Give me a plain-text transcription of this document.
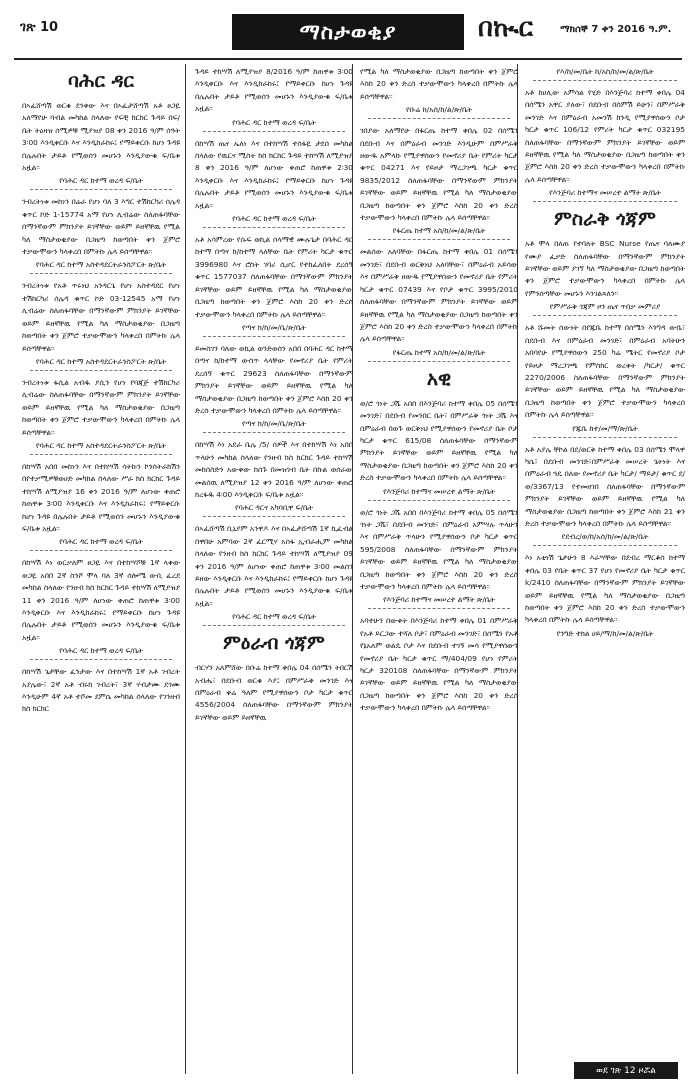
ገጽ 10	ማስታወቂያ	በኲር	ማክሰኞ 7 ቀን 2016 ዓ.ም.
ባሕር ዳር
በኣፈሸጣሽ ወርቁ ደንቀው እና በኣፈታሸጣሽ አቶ ፀጋዬ አለማየሁ ባብል መካከል ስላለው የፍቺ ክርክር ጉዳይ በፍ/ቤት ትዕዛዝ ሰሚዎቹ ሚያዝያ 08 ቀን 2016 ዓ/ም ሰዓት 3፡00 እንዲቀርቡ እና እንዲከራከሩ፤ የማይቀርቡ ከሆነ ጉዳዩ በሌሉበት ታይቶ የሚወሰን መሆኑን እንዲያውቁ ፍ/ቤቱ አዟል፡፡
የባሕር ዳር ከተማ ወረዳ ፍ/ቤት
ንብረትነቱ መከነን በሬራ የሆነ ባለ 3 እግር ተሽከርካሪ ሰሌዳ ቁጥር ኮድ 1-15774 አማ የሆነ ሊብሬው ስለጠፋባቸው በማንኛውም ምክንያት ይገኛቸው ወይም ይዘኛቸዉ የሚል ካለ ማስታወቂያው በጋዜጣ ከወጣበት ቀን ጀምሮ ተቃውሞውን ካላቀረበ በምትኩ ሌላ ይሰጣቸዋል፡፡
የባሕር ዳር ከተማ አስተዳደርትራንስፖርት ጽ/ቤት
ንብረትነቱ የአቶ ጥሩነህ አንዳርጌ የሆነ አስተዳደር የሆነ ተሽከርካሪ ሰሌዳ ቁጥር ኮድ 03-12545 አማ የሆነ ሊብሬው ስለጠፋባቸው በማንኛውም ምክንያት ይገኛቸው ወይም ይዘኛቸዉ የሚል ካለ ማስታወቂያው በጋዜጣ ከወጣበት ቀን ጀምሮ ተቃውሞውን ካላቀረበ በምትኩ ሌላ ይሰጣቸዋል፡፡
የባሕር ዳር ከተማ አስተዳደርትራንስፖርት ጽ/ቤት
ንብረትነቱ ፋሲል አብዱ ያሲን የሆነ የባጃጅ ተሽከርካሪ ሊብሬው ስለጠፋባቸው በማንኛውም ምክንያት ይገኛቸው ወይም ይዘኛቸዉ የሚል ካለ ማስታወቂያው በጋዜጣ ከወጣበት ቀን ጀምሮ ተቃውሞውን ካላቀረበ በምትኩ ሌላ ይሰጣቸዋል፡፡
የባሕር ዳር ከተማ አስተዳደርትራንስፖርት ጽ/ቤት
በከሣሽ አበበ መከነን እና በተከሣሽ ሳትኩን ኮንስትራክሽን በየተቃሚዎቹወሀድ መካከል ስላለው ሥራ ክስ ክርክር ጉዳይ ተከሣሽ ለሚያዝያ 16 ቀን 2016 ዓ/ም ለሆነው ቀጠሮ ከጠዋቱ 3፡00 እንዲቀርቡ እና እንዲከራከሩ፤ የማይቀርቡ ከሆነ ጉዳዩ በሌሉበት ታይቶ የሚወሰን መሆኑን እንዲያውቁ ፍ/ቤቱ አዟል፡፡
የባሕር ዳር ከተማ ወረዳ ፍ/ቤት
በከሣሽ እነ ወርቃለም ፀጋዬ እና በተከሣሾቹ 1ኛ ላቀው ወጋዬ አበበ 2ኛ ስንሾ ሞላ ባለ 3ኛ ሰሎሜ ውቢ ፈረደ መካከል ስላለው የንዘብ ክስ ክርክር ጉዳይ ተከሣሽ ለሚያዝያ 11 ቀን 2016 ዓ/ም ለሆነው ቀጠሮ ከጠዋቱ 3፡00 እንዲቀርቡ እና እንዲከራከሩ፤ የማይቀርቡ ከሆነ ጉዳዩ በሌሉበት ታይቶ የሚወሰን መሆኑን እንዲያውቁ ፍ/ቤቱ አዟል፡፡
የባሕር ዳር ከተማ ወረዳ ፍ/ቤት
በከሣሽ ጌታቸው ፈንታው እና በተከሣሽ 1ኛ አቶ ገብረት አያሌው፣ 2ኛ አቶ ብሩክ ገብረት፣ 3ኛ ሃብታሙ ደጎሙ እንዲሁም 4ኛ አቶ ተሾመ ደምሴ መካከል ስላለው የገንዘብ ክስ ክርክር
ጉዳይ ተከሣሽ ለሚያዝያ 8/2016 ዓ/ም ከጠዋቱ 3፡00 እንዲቀርቡ እና እንዲከራከሩ፤ የማይቀርቡ ከሆነ ጉዳዩ በሌሉበት ታይቶ የሚወሰን መሆኑን እንዲያውቁ ፍ/ቤቱ አዟል፡፡
የባሕር ዳር ከተማ ወረዳ ፍ/ቤት
በከሣሽ ጤና ኤለነ እና በተከሣሽ ተስፋዬ ታደሰ መካከል ስላለው የዉርና ሚስት ክስ ክርክር ጉዳይ ተከሣሽ ለሚያዝያ 8 ቀን 2016 ዓ/ም ለሆነው ቀጠሮ ከጠዋቱ 2፡30 እንዲቀርቡ እና እንዲከራከሩ፤ የማይቀርቡ ከሆነ ጉዳዩ በሌሉበት ታይቶ የሚወሰን መሆኑን እንዲያውቁ ፍ/ቤቱ አዟል፡፡
የባሕር ዳር ከተማ ወረዳ ፍ/ቤት
አቶ አሳምረው የሱፍ ወኪል ሰላማዊ ሙሉጌታ በባሕር ዳር ከተማ በጣና ክ/ከተማ ላለቸው ቤት የምሪት ካርታ ቁጥር 3996980 እና ሮስት ገባሪ ሲሆር የተከፈለበት ደረሰኝ ቁጥር 1577037 ስለጠፋባቸው በማንኛውም ምክንያት ይገኛቸው ወይም ይዘኛቸዉ የሚል ካለ ማስታወቂያው በጋዜጣ ከወጣበት ቀን ጀምሮ እስከ 20 ቀን ድረስ ተቃውሞውን ካላቀረበ በምትኩ ሌላ ይሰጣቸዋል፡፡
የጣና ክ/ከ/መ/ቤ/ጽ/ቤት
ይመስገን ባለው ወኪል ወንድወሰን አበበ በባሕር ዳር ከተማ በጣና ክ/ከተማ ውስጥ ላላቸው የመኖሪያ ቤት የምሪት ደረሰኝ ቁጥር 29623 ስለጠፋባቸው በማንኛውም ምክንያት ይገኛቸው ወይም ይዘኛቸዉ የሚል ካለ ማስታወቂያው በጋዜጣ ከወጣበት ቀን ጀምሮ እስከ 20 ቀን ድረስ ተቃውሞውን ካላቀረበ በምትኩ ሌላ ይሰጣቸዋል፡፡
የጣና ክ/ከ/መ/ቤ/ጽ/ቤት
በከሣሽ እነ አደራ ቤሌ /5/ ሰዎች እና በተከሣሽ እነ አበበ ጥላሁን መካከል ስላለው የንዘብ ክስ ክርክር ጉዳይ ተከሣሽ መከሰስድን አውቀው ከሰጉ በመዝገብ ቤት በኩል ወሰራው መልሰዉ ለሚያዝያ 12 ቀን 2016 ዓ/ም ለሆነው ቀጠሮ ከረፋዱ 4፡00 እንዲቀርቡ ፍ/ቤቱ አዟል፡፡
የባሕር ዳርና አካባቢዋ ፍ/ቤት
በኣፈሸጣሽ ቢኒያም አንዋዶ እና በኣፈታሸጣሽ 1ኛ ኪፈብል በዋበሁ አምባው 2ኛ ፈርሚሃ አሰፋ ኢብራሒም መካከል ስላለው የንዘብ ክስ ክርክር ጉዳይ ተከሣሽ ለሚያዝያ 09 ቀን 2016 ዓ/ም ለሆነው ቀጠሮ ከጠዋቱ 3፡00 መልሰን ይዘው እንዲቀርቡ እና እንዲከራከሩ፤ የማይቀርቡ ከሆነ ጉዳዩ በሌሉበት ታይቶ የሚወሰን መሆኑን እንዲያውቁ ፍ/ቤቱ አዟል፡፡
የባሕር ዳር ከተማ ወረዳ ፍ/ቤት
ምዕራብ ጎጃም
ብርሃን አለምሸው በቡሬ ከተማ ቀበሌ 04 በሰሜን ትበርሽ አብሔ፣ በደቡብ ወርቁ እያ፤ በምሥራቅ መንገድ እና በምዕራብ ቀሬ ዓለም የሚያዋሰውን ቦታ ካርታ ቁጥር 4556/2004 ስለጠፋባቸው በማንኛውም ምክንያት ይገኛቸው ወይም ይዘኛቸዉ
የሚል ካለ ማስታወቂያው በጋዜጣ ከወጣበት ቀን ጀምሮ እስከ 20 ቀን ድረስ ተቃውሞውን ካላቀረበ በምትኩ ሌላ ይሰጣቸዋል፡፡
የቡሬ ከ/አስ/ከ/ል/ጽ/ቤት
ገበያው አለማየሁ በፋርጤ ከተማ ቀበሌ 02 በሰሜን በደቡብ እና በምዕራብ መንገድ እንዲሁም በምሥራቅ ዘውዱ አምላኩ የሚያዋሰውን የመኖሪያ ቤት የምሪት ካርታ ቁጥር 04271 እና የይዞታ ማረጋገጫ ካርታ ቁጥር 9835/2012 ስለጠፋባቸው በማንኛውም ምክንያት ይገኛቸው ወይም ይዘኛቸዉ የሚል ካለ ማስታወቂያው በጋዜጣ ከወጣበት ቀን ጀምሮ እስከ 20 ቀን ድረስ ተቃውሞውን ካላቀረበ በምትኩ ሌላ ይሰጣቸዋል፡፡
የፋርጤ ከተማ አስ/ከ/መ/ል/ጽ/ቤት
መልሰው አለባቸው በፋርጤ ከተማ ቀበሌ 01 በሰሜን መንገድ፣ በደቡብ ወርቅነህ አለባቸው፣ በምዕራብ አይሳው እና በምሥራቅ ዘውዱ የሚያዋሰውን የመኖሪያ ቤት የምሪት ካርታ ቁጥር 07439 እና የቦታ ቁጥር 3995/2010 ስለጠፋባቸው በማንኛውም ምክንያት ይገኛቸው ወይም ይዘኛቸዉ የሚል ካለ ማስታወቂያው በጋዜጣ ከወጣበት ቀን ጀምሮ እስከ 20 ቀን ድረስ ተቃውሞውን ካላቀረበ በምትኩ ሌላ ይሰጣቸዋል፡፡
የፋርጤ ከተማ አስ/ከ/መ/ል/ጽ/ቤት
አዊ
ወ/ሮ ጎነት ጋሼ አበበ በእንጅባሪ ከተማ ቀበሌ 05 በሰሜን መንገድ፣ በደቡብ የመንበር ቤት፣ በምሥራቅ ጎነት ጋሼ እና በምዕራብ በወጉ ወርቅነህ የሚያዋሰውን የመኖሪያ ቤት ቦታ ካርታ ቁጥር 615/08 ስለጠፋባቸው በማንኛውም ምክንያት ይገኛቸው ወይም ይዘኛቸዉ የሚል ካለ ማስታወቂያው በጋዜጣ ከወጣበት ቀን ጀምሮ እስከ 20 ቀን ድረስ ተቃውሞውን ካላቀረበ በምትኩ ሌላ ይሰጣቸዋል፡፡
የእንጅባሪ ከተማና መሠረተ ልማት ጽ/ቤት
ወ/ሮ ጎነት ጋሼ አበበ በእንጅባሪ ከተማ ቀበሌ 05 በሰሜን ጎነት ጋሼ፣ በደቡብ መንገድ፣ በምዕራብ አምሣሉ ጥላሁን እና በምሥራቅ ጥላሁን የሚያዋሰውን ቦታ ካርታ ቁጥር 595/2008 ስለጠፋባቸው በማንኛውም ምክንያት ይገኛቸው ወይም ይዘኛቸዉ የሚል ካለ ማስታወቂያው በጋዜጣ ከወጣበት ቀን ጀምሮ እስከ 20 ቀን ድረስ ተቃውሞውን ካላቀረበ በምትኩ ሌላ ይሰጣቸዋል፡፡
የእንጅባሪ ከተማና መሠረተ ልማት ጽ/ቤት
አባተሁን በውቀት በእንጅባሪ ከተማ ቀበሌ 01 በምሥራቅ የአቶ ይርጋው ተሻለ ቦታ፣ በምዕራብ መንገድ፣ በሰሜን የአቶ የኔአለም ወልዴ ቦታ እና በደቡብ ተገኝ መሳ የሚያዋሰውን የመኖሪያ ቤት ካርታ ቁጥር ማ/404/09 የሆነ የምሪት ካርታ 320108 ስለጠፋባቸው በማንኛውም ምክንያት ይገኛቸው ወይም ይዘኛቸዉ የሚል ካለ ማስታወቂያው በጋዜጣ ከወጣበት ቀን ጀምሮ እስከ 20 ቀን ድረስ ተቃውሞውን ካላቀረበ በምትኩ ሌላ ይሰጣቸዋል፡፡
የእ/ከ/መ/ቤት ከ/አስ/ከ/መ/ል/ጽ/ቤት
አቶ ከሀሊው አምሳል የሂድ በእንጅባሪ ከተማ ቀበሌ 04 በሰሜን አዋር ያለው፣ በደቡብ በስምሽ ይሁን፣ በምሥራቅ መንገድ እና በምዕራብ አመንሽ ከንዲ የሚያዋሰውን ቦታ ካርታ ቁጥር 106/12 የምሪት ካርታ ቁጥር 032195 ስለጠፋባቸው በማንኛውም ምክንያት ይገኛቸው ወይም ይዘኛቸዉ የሚል ካለ ማስታወቂያው በጋዜጣ ከወጣበት ቀን ጀምሮ እስከ 20 ቀን ድረስ ተቃውሞውን ካላቀረበ በምትኩ ሌላ ይሰጣቸዋል፡፡
የእንጅባሪ ከተማና መሠረተ ልማት ጽ/ቤት
ምስራቅ ጎጃም
አቶ ሞላ በለጠ የተባለት BSC Nurse የጤና ባለሙያ የሙያ ፈቃድ ስለጠፋባቸው በማንኛውም ምክንያት ይገኛቸው ወይም ያገኘ ካለ ማስታወቂያው በጋዜጣ ከወጣበት ቀን ጀምሮ ተቃውሞውን ካላቀረበ በምትኩ ሌላ የምንሰጣቸው መሆኑን እንገልጻለን፡፡
የምሥራቅ ጎጃም ዞን ጤና ጥበቃ መምሪያ
አቶ ሹመት ሰውነት በየጁቤ ከተማ በሰሜን እንግዳ ውቤ፣ በደቡብ እና በምዕራብ መንገድ፣ በምዕራብ አባትሁን አበባየሁ የሚያዋሰውን 250 ካሬ ሜትር የመኖሪያ ቦታ የይዞታ ማረጋገጫ የምስክር ወረቀት /ካርታ/ ቁጥር 2270/2006 ስለጠፋባቸው በማንኛውም ምክንያት ይገኛቸው ወይም ይዘኛቸዉ የሚል ካለ ማስታወቂያው በጋዜጣ ከወጣበት ቀን ጀምሮ ተቃውሞውን ካላቀረበ በምትኩ ሌላ ይሰጣቸዋል፡፡
የጁቤ ከተ/መ/ማ/ጽ/ቤት
አቶ አያሌ ቸኮል በደ/ወርቅ ከተማ ቀበሌ 03 በሰሜን ሞላዋ ካሴ፣ በደቡብ መንገድ፣በምሥራቅ መሠረት ጌትነት እና በምዕራብ ጓዴ በለው የመኖሪያ ቤት ካርታ/ ማይታ/ ቁጥር ደ/ወ/3367/13 የተመዘገበ ስለጠፋባቸው በማንኛውም ምክንያት ይገኛቸው ወይም ይዘኛቸዉ የሚል ካለ ማስታወቂያው በጋዜጣ ከወጣበት ቀን ጀምሮ እስከ 21 ቀን ድረስ ተቃውሞውን ካላቀረበ በምትኩ ሌላ ይሰጣቸዋል፡፡
የደብረ/ወ/ከ/አስ/ከ/መ/ል/ጽ/ቤት
እነ አቲነሽ ጌታሁን 8 እራሣቸው በደብረ ማርቆስ ከተማ ቀበሌ 03 የቤት ቁጥር 37 የሆነ የመኖሪያ ቤት ካርታ ቁጥር k/2410 ስለጠፋባቸው በማንኛውም ምክንያት ይገኛቸው ወይም ይዘኛቸዉ የሚል ካለ ማስታወቂያው በጋዜጣ ከወጣበት ቀን ጀምሮ እስከ 20 ቀን ድረስ ተቃውሞውን ካላቀረበ በምትኩ ሌላ ይሰጣቸዋል፡፡
የንግድ ተክል ሀይ/ማ/ከ/መ/ል/ጽ/ቤት
ወደ ገጽ 12 ዞሯል
